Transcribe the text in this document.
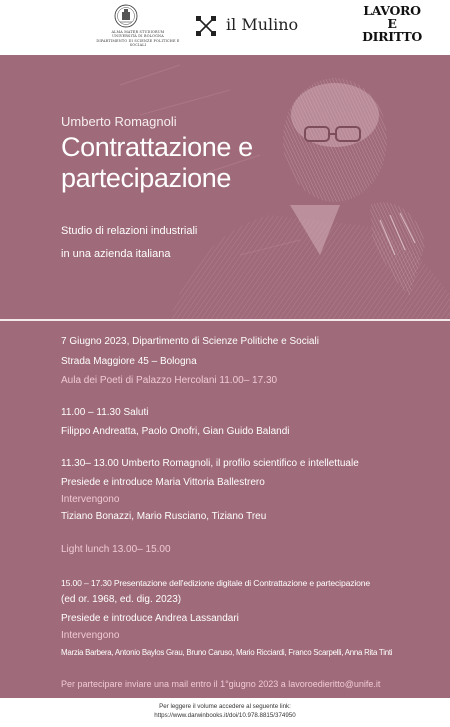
ALMA MATER STUDIORUM
UNIVERSITÀ DI BOLOGNA
DIPARTIMENTO DI SCIENZE POLITICHE E SOCIALI
il Mulino
LAVORO
E
DIRITTO
Umberto Romagnoli
Contrattazione e
partecipazione
Studio di relazioni industriali
in una azienda italiana
7 Giugno 2023, Dipartimento di Scienze Politiche e Sociali
Strada Maggiore 45 – Bologna
Aula dei Poeti di Palazzo Hercolani 11.00– 17.30
11.00 – 11.30 Saluti
Filippo Andreatta, Paolo Onofri, Gian Guido Balandi
11.30– 13.00 Umberto Romagnoli, il profilo scientifico e intellettuale
Presiede e introduce Maria Vittoria Ballestrero
Intervengono
Tiziano Bonazzi, Mario Rusciano, Tiziano Treu
Light lunch 13.00– 15.00
15.00 – 17.30 Presentazione dell'edizione digitale di Contrattazione e partecipazione
(ed or. 1968, ed. dig. 2023)
Presiede e introduce Andrea Lassandari
Intervengono
Marzia Barbera, Antonio Baylos Grau, Bruno Caruso, Mario Ricciardi, Franco Scarpelli, Anna Rita Tinti
Per partecipare inviare una mail entro il 1°giugno 2023 a lavoroedieritto@unife.it
Per leggere il volume accedere al seguente link:
https://www.darwinbooks.it/doi/10.978.8815/374950
